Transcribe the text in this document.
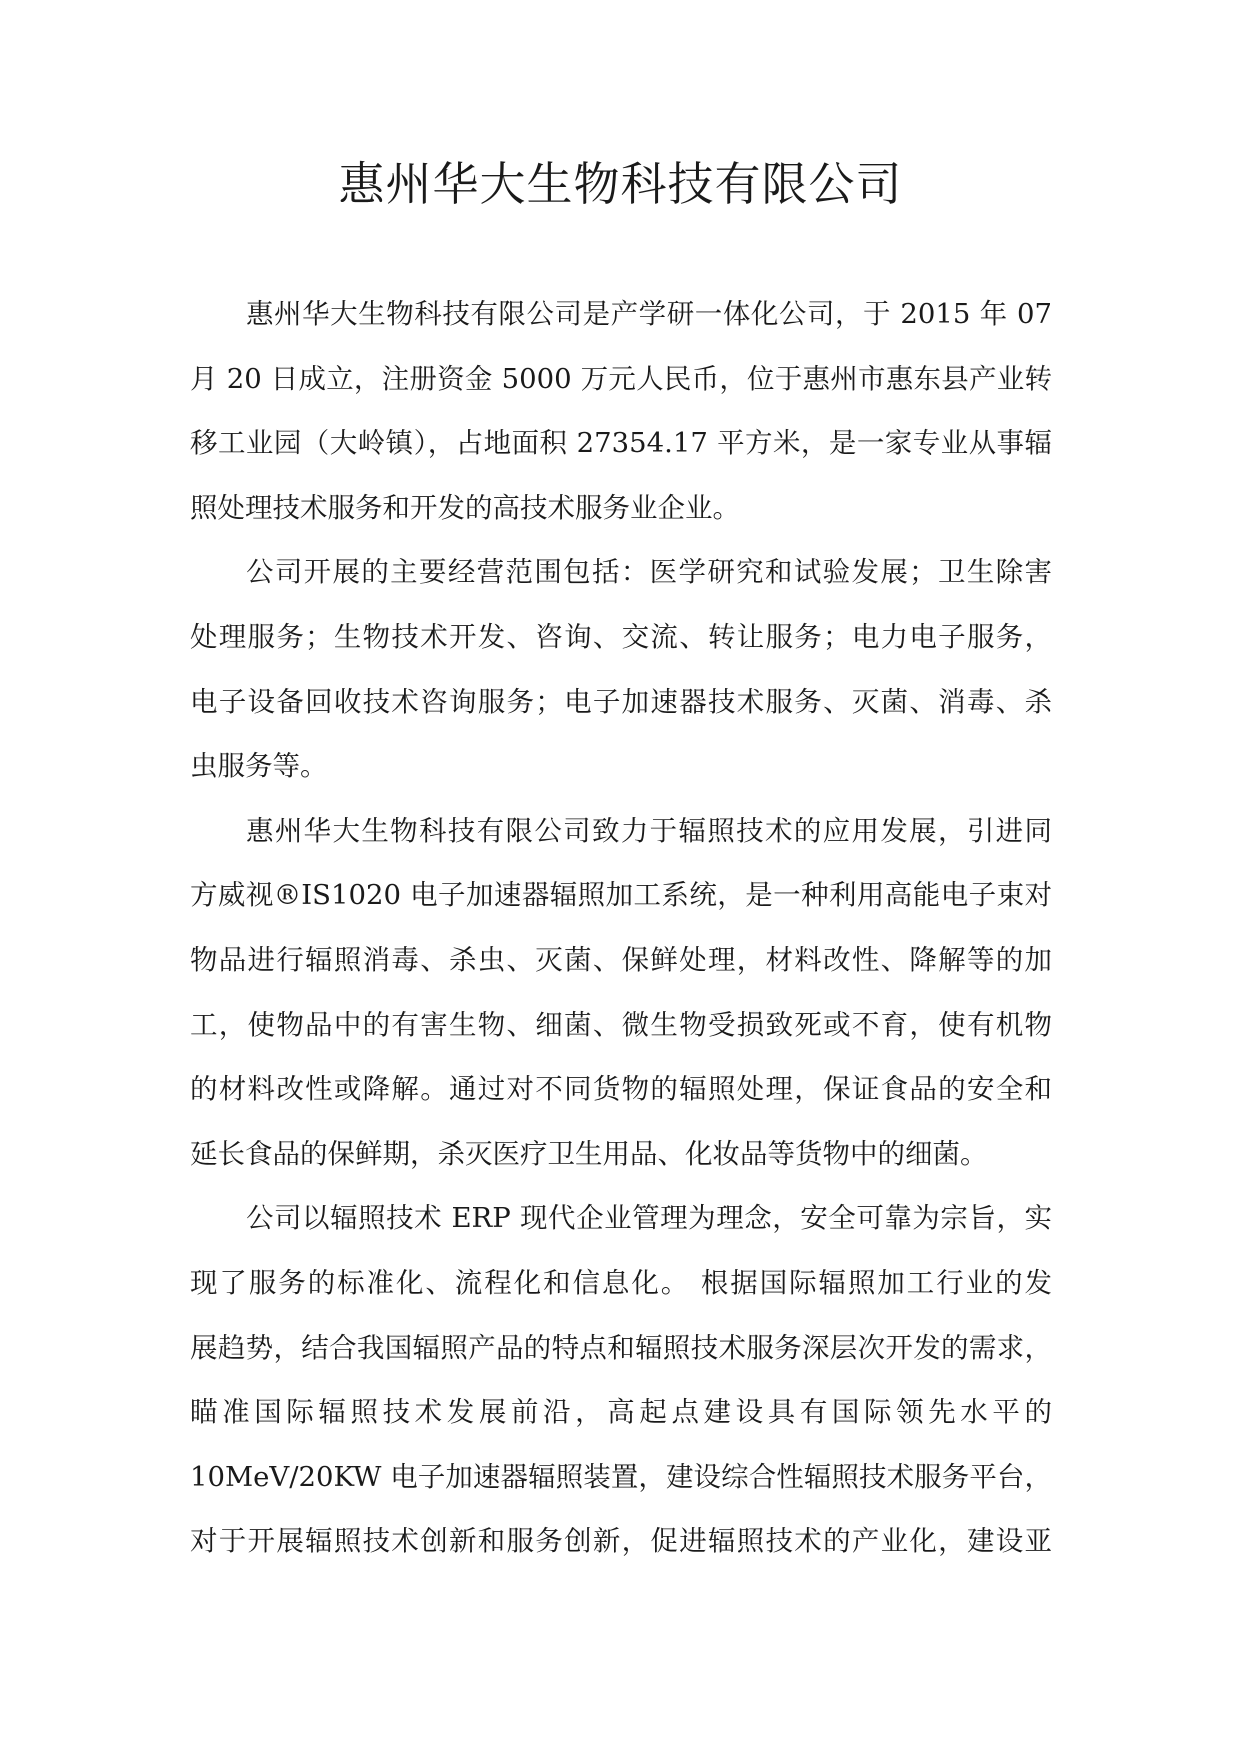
惠州华大生物科技有限公司
惠州华大生物科技有限公司是产学研一体化公司，于 2015 年 07
月 20 日成立，注册资金 5000 万元人民币，位于惠州市惠东县产业转
移工业园（大岭镇），占地面积 27354.17 平方米，是一家专业从事辐
照处理技术服务和开发的高技术服务业企业。
公司开展的主要经营范围包括：医学研究和试验发展；卫生除害
处理服务；生物技术开发、咨询、交流、转让服务；电力电子服务，
电子设备回收技术咨询服务；电子加速器技术服务、灭菌、消毒、杀
虫服务等。
惠州华大生物科技有限公司致力于辐照技术的应用发展，引进同
方威视®IS1020 电子加速器辐照加工系统，是一种利用高能电子束对
物品进行辐照消毒、杀虫、灭菌、保鲜处理，材料改性、降解等的加
工，使物品中的有害生物、细菌、微生物受损致死或不育，使有机物
的材料改性或降解。通过对不同货物的辐照处理，保证食品的安全和
延长食品的保鲜期，杀灭医疗卫生用品、化妆品等货物中的细菌。
公司以辐照技术 ERP 现代企业管理为理念，安全可靠为宗旨，实
现了服务的标准化、流程化和信息化。 根据国际辐照加工行业的发
展趋势，结合我国辐照产品的特点和辐照技术服务深层次开发的需求，
瞄准国际辐照技术发展前沿，高起点建设具有国际领先水平的
10MeV/20KW 电子加速器辐照装置，建设综合性辐照技术服务平台，
对于开展辐照技术创新和服务创新，促进辐照技术的产业化，建设亚
